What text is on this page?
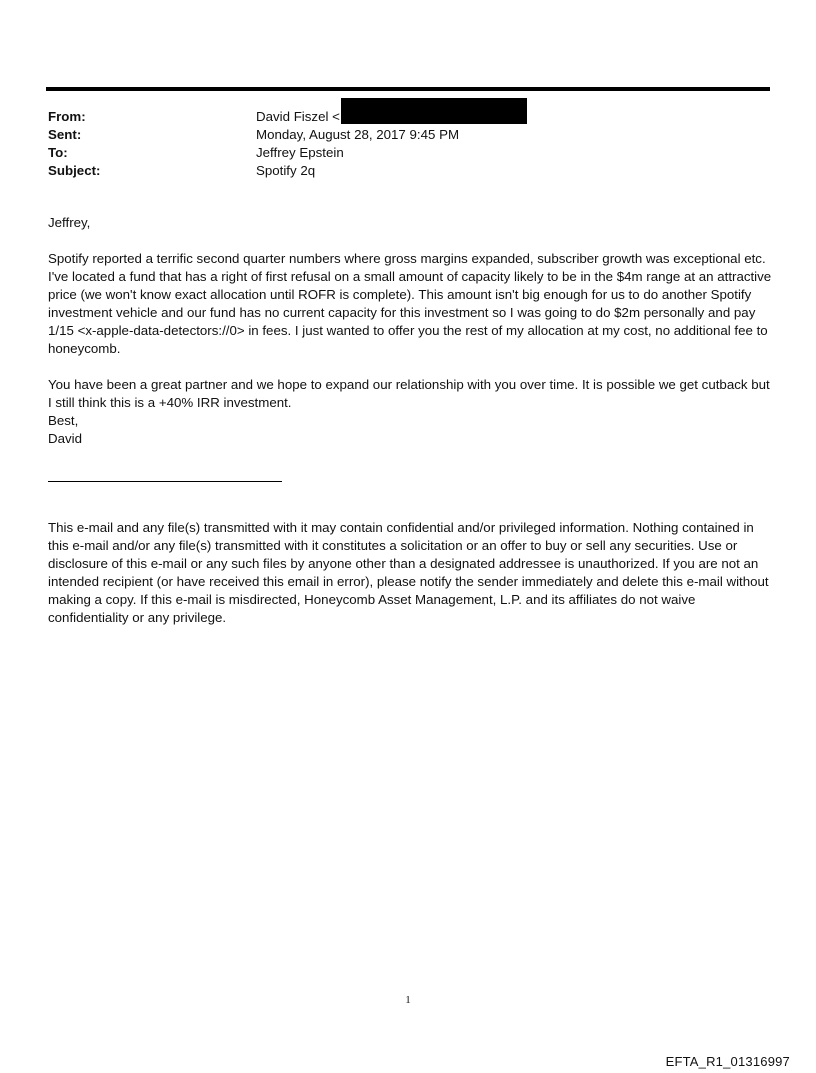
From:	David Fiszel <
Sent:	Monday, August 28, 2017 9:45 PM
To:	Jeffrey Epstein
Subject:	Spotify 2q

Jeffrey,

Spotify reported a terrific second quarter numbers where gross margins expanded, subscriber growth was exceptional etc. I've located a fund that has a right of first refusal on a small amount of capacity likely to be in the $4m range at an attractive price (we won't know exact allocation until ROFR is complete). This amount isn't big enough for us to do another Spotify investment vehicle and our fund has no current capacity for this investment so I was going to do $2m personally and pay 1/15 <x-apple-data-detectors://0> in fees. I just wanted to offer you the rest of my allocation at my cost, no additional fee to honeycomb.

You have been a great partner and we hope to expand our relationship with you over time. It is possible we get cutback but I still think this is a +40% IRR investment.

Best,

David

This e-mail and any file(s) transmitted with it may contain confidential and/or privileged information. Nothing contained in this e-mail and/or any file(s) transmitted with it constitutes a solicitation or an offer to buy or sell any securities. Use or disclosure of this e-mail or any such files by anyone other than a designated addressee is unauthorized. If you are not an intended recipient (or have received this email in error), please notify the sender immediately and delete this e-mail without making a copy. If this e-mail is misdirected, Honeycomb Asset Management, L.P. and its affiliates do not waive confidentiality or any privilege.

1
EFTA_R1_01316997
